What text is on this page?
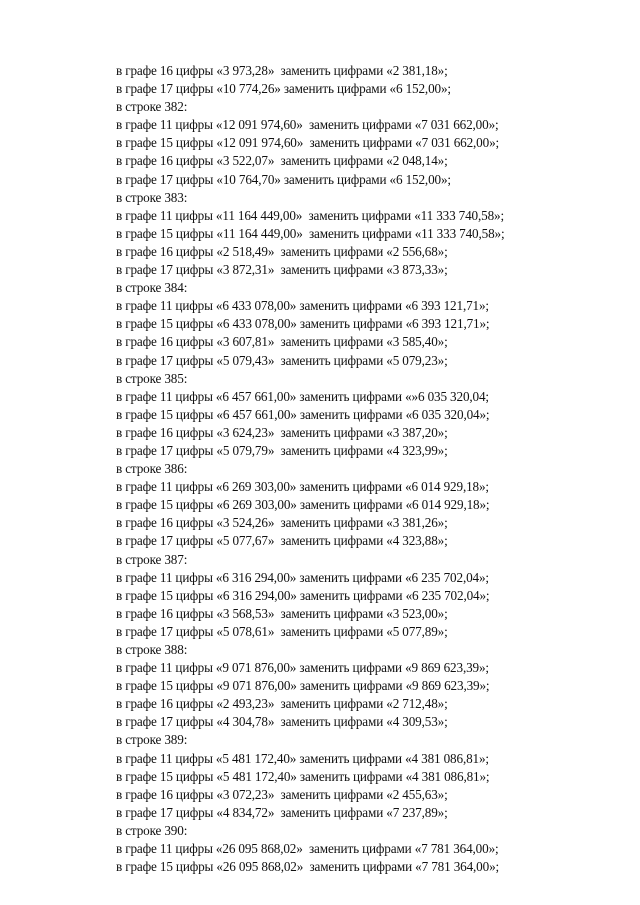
в графе 16 цифры «3 973,28»  заменить цифрами «2 381,18»;
в графе 17 цифры «10 774,26» заменить цифрами «6 152,00»;
в строке 382:
в графе 11 цифры «12 091 974,60»  заменить цифрами «7 031 662,00»;
в графе 15 цифры «12 091 974,60»  заменить цифрами «7 031 662,00»;
в графе 16 цифры «3 522,07»  заменить цифрами «2 048,14»;
в графе 17 цифры «10 764,70» заменить цифрами «6 152,00»;
в строке 383:
в графе 11 цифры «11 164 449,00»  заменить цифрами «11 333 740,58»;
в графе 15 цифры «11 164 449,00»  заменить цифрами «11 333 740,58»;
в графе 16 цифры «2 518,49»  заменить цифрами «2 556,68»;
в графе 17 цифры «3 872,31»  заменить цифрами «3 873,33»;
в строке 384:
в графе 11 цифры «6 433 078,00» заменить цифрами «6 393 121,71»;
в графе 15 цифры «6 433 078,00» заменить цифрами «6 393 121,71»;
в графе 16 цифры «3 607,81»  заменить цифрами «3 585,40»;
в графе 17 цифры «5 079,43»  заменить цифрами «5 079,23»;
в строке 385:
в графе 11 цифры «6 457 661,00» заменить цифрами «»6 035 320,04;
в графе 15 цифры «6 457 661,00» заменить цифрами «6 035 320,04»;
в графе 16 цифры «3 624,23»  заменить цифрами «3 387,20»;
в графе 17 цифры «5 079,79»  заменить цифрами «4 323,99»;
в строке 386:
в графе 11 цифры «6 269 303,00» заменить цифрами «6 014 929,18»;
в графе 15 цифры «6 269 303,00» заменить цифрами «6 014 929,18»;
в графе 16 цифры «3 524,26»  заменить цифрами «3 381,26»;
в графе 17 цифры «5 077,67»  заменить цифрами «4 323,88»;
в строке 387:
в графе 11 цифры «6 316 294,00» заменить цифрами «6 235 702,04»;
в графе 15 цифры «6 316 294,00» заменить цифрами «6 235 702,04»;
в графе 16 цифры «3 568,53»  заменить цифрами «3 523,00»;
в графе 17 цифры «5 078,61»  заменить цифрами «5 077,89»;
в строке 388:
в графе 11 цифры «9 071 876,00» заменить цифрами «9 869 623,39»;
в графе 15 цифры «9 071 876,00» заменить цифрами «9 869 623,39»;
в графе 16 цифры «2 493,23»  заменить цифрами «2 712,48»;
в графе 17 цифры «4 304,78»  заменить цифрами «4 309,53»;
в строке 389:
в графе 11 цифры «5 481 172,40» заменить цифрами «4 381 086,81»;
в графе 15 цифры «5 481 172,40» заменить цифрами «4 381 086,81»;
в графе 16 цифры «3 072,23»  заменить цифрами «2 455,63»;
в графе 17 цифры «4 834,72»  заменить цифрами «7 237,89»;
в строке 390:
в графе 11 цифры «26 095 868,02»  заменить цифрами «7 781 364,00»;
в графе 15 цифры «26 095 868,02»  заменить цифрами «7 781 364,00»;
